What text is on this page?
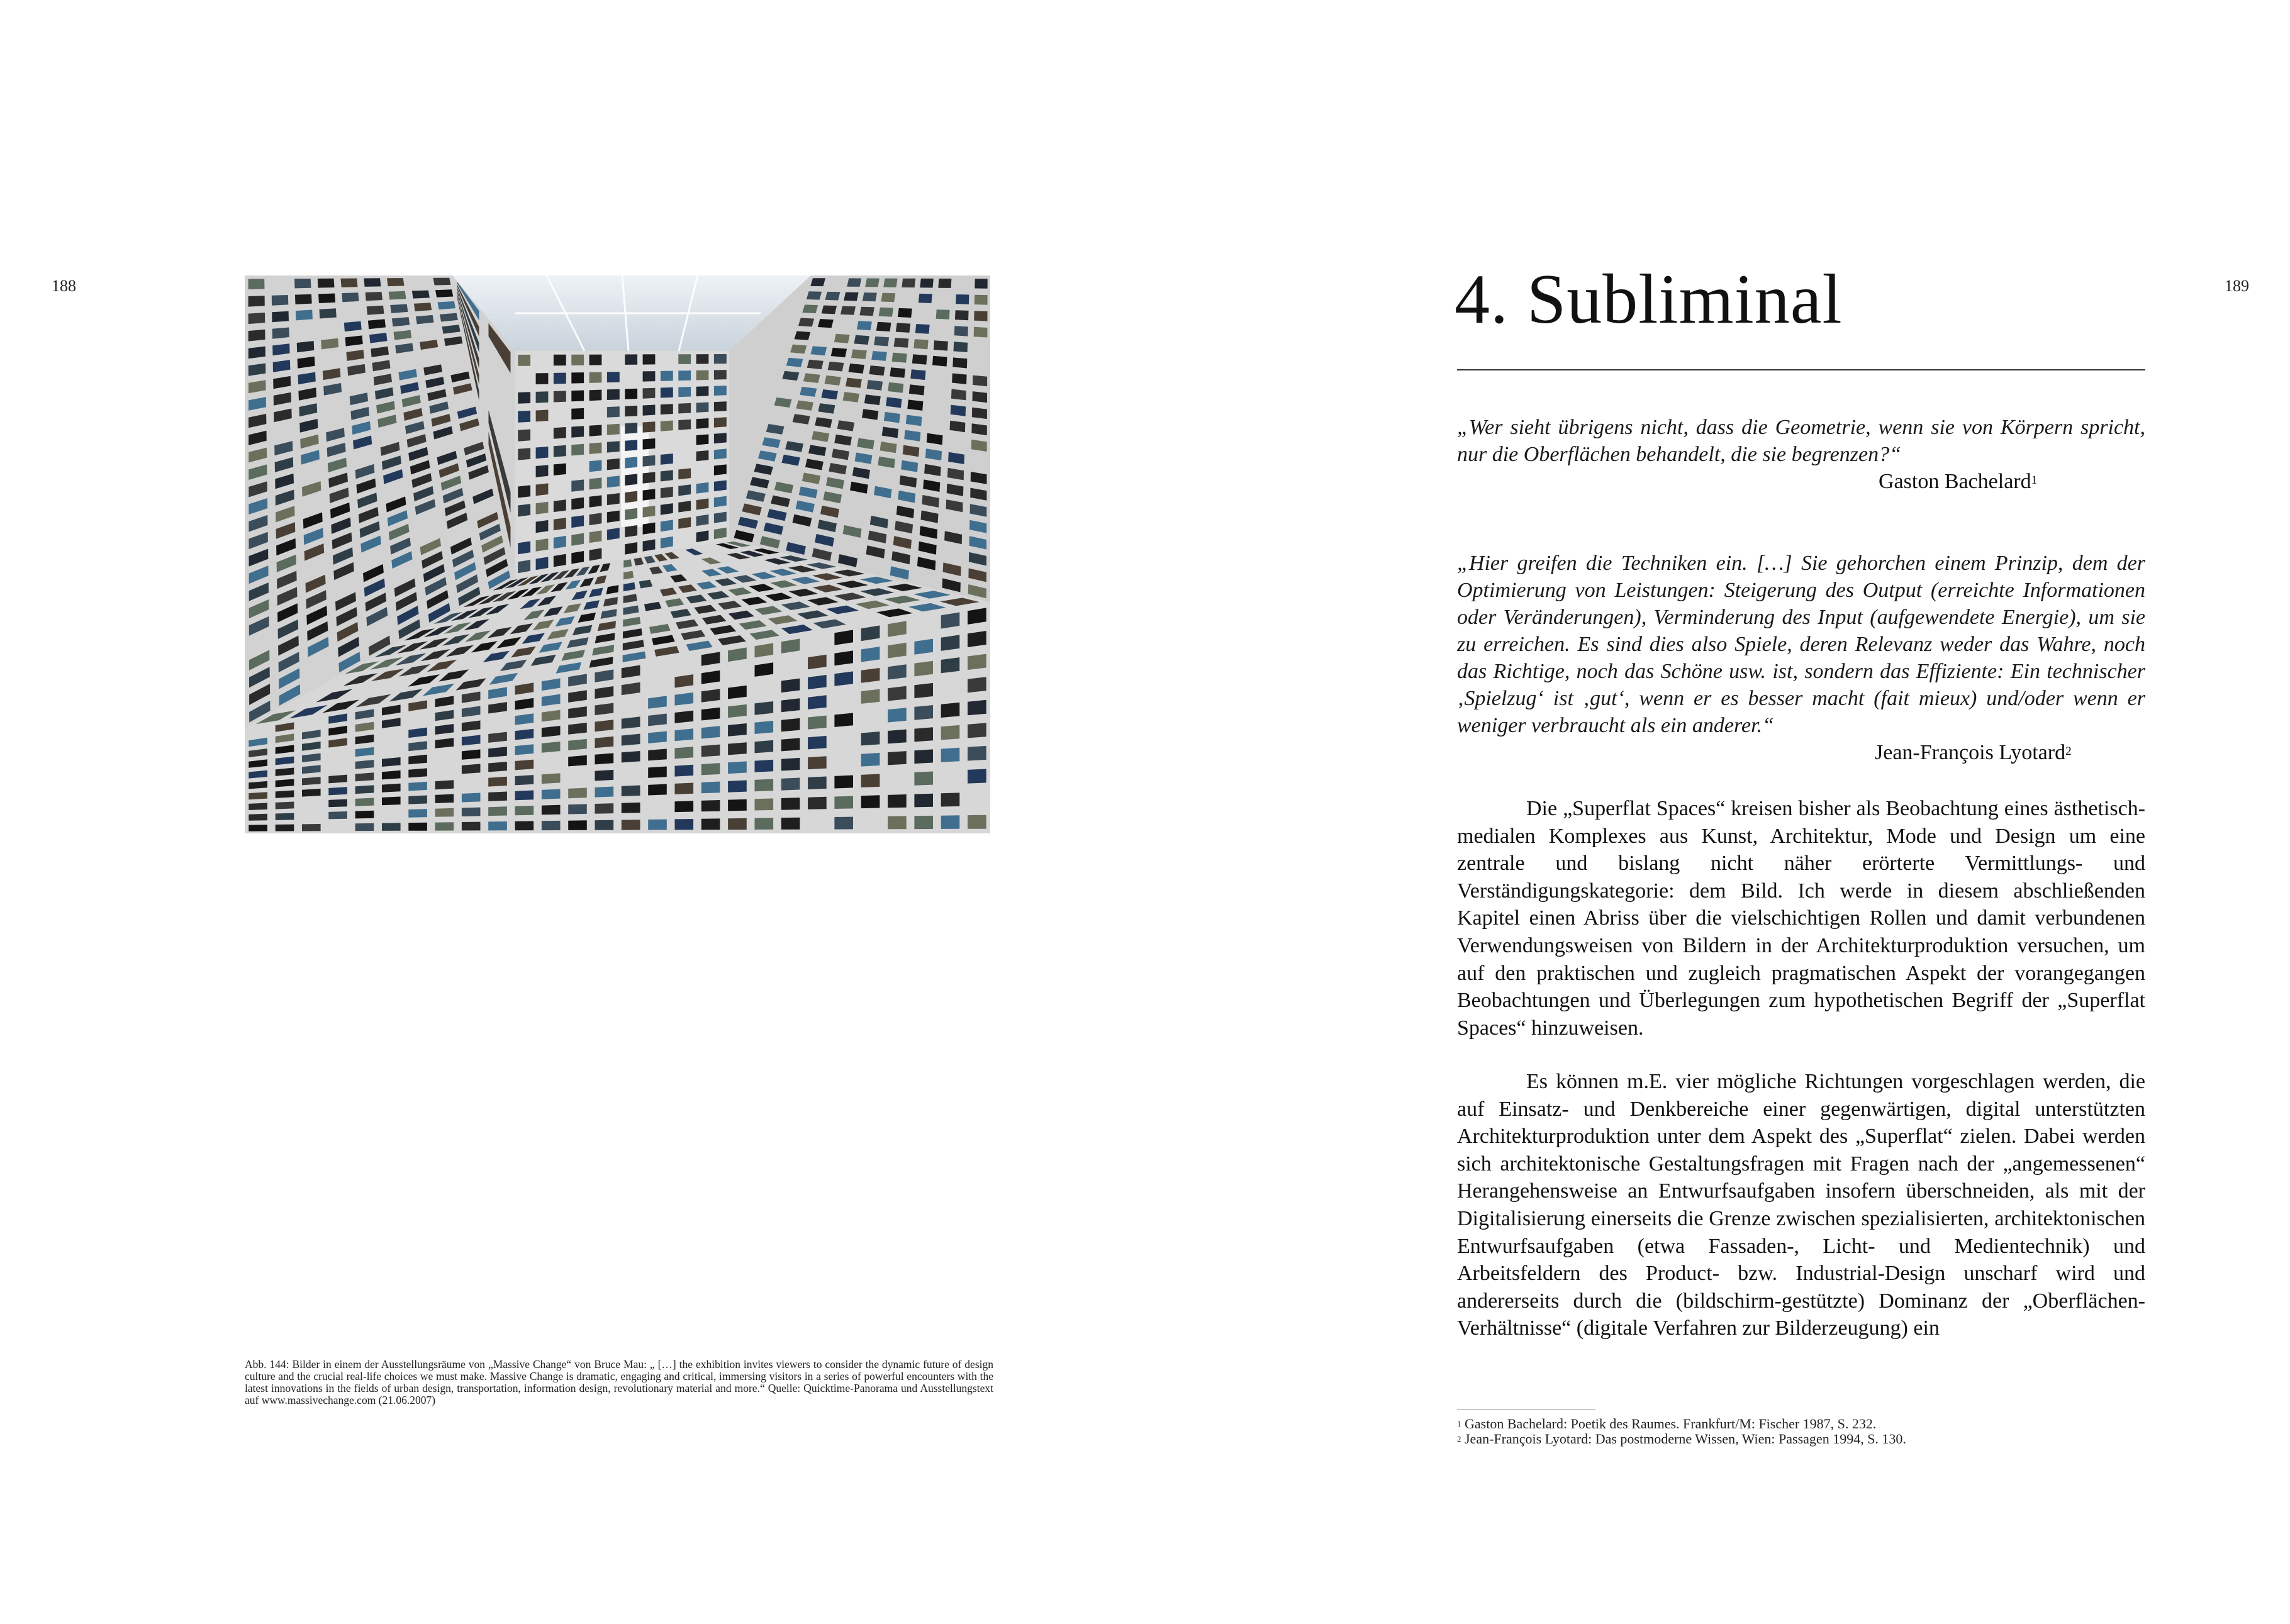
188	189
Abb. 144: Bilder in einem der Ausstellungsräume von „Massive Change“ von Bruce Mau: „ […] the exhibition invites viewers to consider the dynamic future of design culture and the crucial real-life choices we must make. Massive Change is dramatic, engaging and critical, immersing visitors in a series of powerful encounters with the latest innovations in the fields of urban design, transportation, information design, revolutionary material and more.“ Quelle: Quicktime-Panorama und Ausstellungstext auf www.massivechange.com (21.06.2007)
4. Subliminal

„Wer sieht übrigens nicht, dass die Geometrie, wenn sie von Körpern spricht, nur die Oberflächen behandelt, die sie begrenzen?“

Gaston Bachelard$^1$

„Hier greifen die Techniken ein. […] Sie gehorchen einem Prinzip, dem der Optimierung von Leistungen: Steigerung des Output (erreichte Informationen oder Veränderungen), Verminderung des Input (aufgewendete Energie), um sie zu erreichen. Es sind dies also Spiele, deren Relevanz weder das Wahre, noch das Richtige, noch das Schöne usw. ist, sondern das Effiziente: Ein technischer ‚Spielzug‘ ist ‚gut‘, wenn er es besser macht (fait mieux) und/oder wenn er weniger verbraucht als ein anderer.“

Jean-François Lyotard$^2$

Die „Superflat Spaces“ kreisen bisher als Beobachtung eines ästhetisch-medialen Komplexes aus Kunst, Architektur, Mode und Design um eine zentrale und bislang nicht näher erörterte Vermittlungs- und Verständigungskategorie: dem Bild. Ich werde in diesem abschließenden Kapitel einen Abriss über die vielschichtigen Rollen und damit verbundenen Verwendungsweisen von Bildern in der Architekturproduktion versuchen, um auf den praktischen und zugleich pragmatischen Aspekt der vorangegangen Beobachtungen und Überlegungen zum hypothetischen Begriff der „Superflat Spaces“ hinzuweisen.

Es können m.E. vier mögliche Richtungen vorgeschlagen werden, die auf Einsatz- und Denkbereiche einer gegenwärtigen, digital unterstützten Architekturproduktion unter dem Aspekt des „Superflat“ zielen. Dabei werden sich architektonische Gestaltungsfragen mit Fragen nach der „angemessenen“ Herangehensweise an Entwurfsaufgaben insofern überschneiden, als mit der Digitalisierung einerseits die Grenze zwischen spezialisierten, architektonischen Entwurfsaufgaben (etwa Fassaden-, Licht- und Medientechnik) und Arbeitsfeldern des Product- bzw. Industrial-Design unscharf wird und andererseits durch die (bildschirm-gestützte) Dominanz der „Oberflächen-Verhältnisse“ (digitale Verfahren zur Bilderzeugung) ein

$^1$ Gaston Bachelard: Poetik des Raumes. Frankfurt/M: Fischer 1987, S. 232.
$^2$ Jean-François Lyotard: Das postmoderne Wissen, Wien: Passagen 1994, S. 130.
